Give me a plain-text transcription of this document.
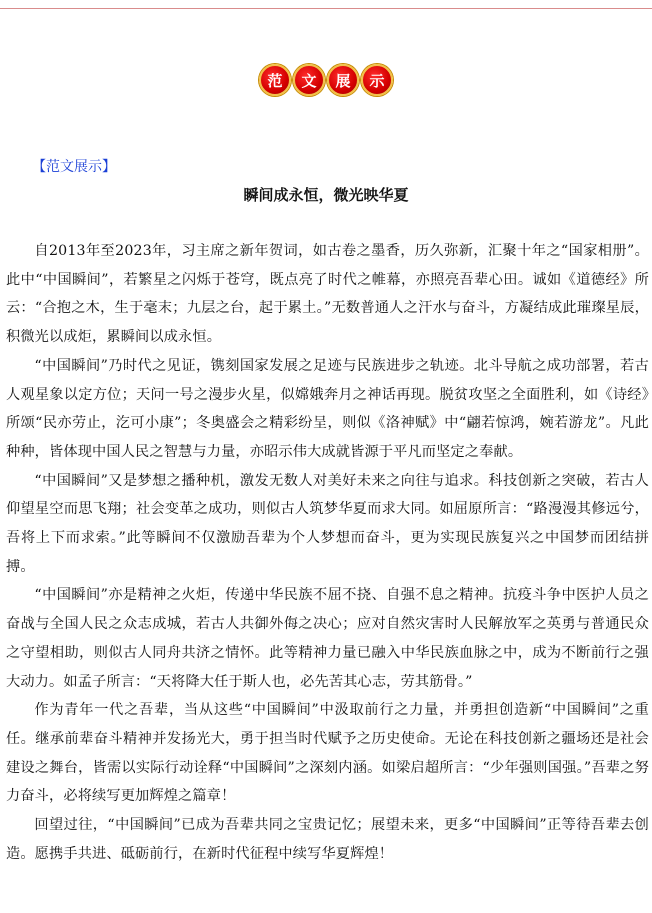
范	文	展	示
【范文展示】
瞬间成永恒，微光映华夏

自2013年至2023年，习主席之新年贺词，如古卷之墨香，历久弥新，汇聚十年之“国家相册”。此中“中国瞬间”，若繁星之闪烁于苍穹，既点亮了时代之帷幕，亦照亮吾辈心田。诚如《道德经》所云：“合抱之木，生于毫末；九层之台，起于累土。”无数普通人之汗水与奋斗，方凝结成此璀璨星辰，积微光以成炬，累瞬间以成永恒。

“中国瞬间”乃时代之见证，镌刻国家发展之足迹与民族进步之轨迹。北斗导航之成功部署，若古人观星象以定方位；天问一号之漫步火星，似嫦娥奔月之神话再现。脱贫攻坚之全面胜利，如《诗经》所颂“民亦劳止，汔可小康”；冬奥盛会之精彩纷呈，则似《洛神赋》中“翩若惊鸿，婉若游龙”。凡此种种，皆体现中国人民之智慧与力量，亦昭示伟大成就皆源于平凡而坚定之奉献。

“中国瞬间”又是梦想之播种机，激发无数人对美好未来之向往与追求。科技创新之突破，若古人仰望星空而思飞翔；社会变革之成功，则似古人筑梦华夏而求大同。如屈原所言：“路漫漫其修远兮，吾将上下而求索。”此等瞬间不仅激励吾辈为个人梦想而奋斗，更为实现民族复兴之中国梦而团结拼搏。

“中国瞬间”亦是精神之火炬，传递中华民族不屈不挠、自强不息之精神。抗疫斗争中医护人员之奋战与全国人民之众志成城，若古人共御外侮之决心；应对自然灾害时人民解放军之英勇与普通民众之守望相助，则似古人同舟共济之情怀。此等精神力量已融入中华民族血脉之中，成为不断前行之强大动力。如孟子所言：“天将降大任于斯人也，必先苦其心志，劳其筋骨。”

作为青年一代之吾辈，当从这些“中国瞬间”中汲取前行之力量，并勇担创造新“中国瞬间”之重任。继承前辈奋斗精神并发扬光大，勇于担当时代赋予之历史使命。无论在科技创新之疆场还是社会建设之舞台，皆需以实际行动诠释“中国瞬间”之深刻内涵。如梁启超所言：“少年强则国强。”吾辈之努力奋斗，必将续写更加辉煌之篇章！

回望过往，“中国瞬间”已成为吾辈共同之宝贵记忆；展望未来，更多“中国瞬间”正等待吾辈去创造。愿携手共进、砥砺前行，在新时代征程中续写华夏辉煌！
